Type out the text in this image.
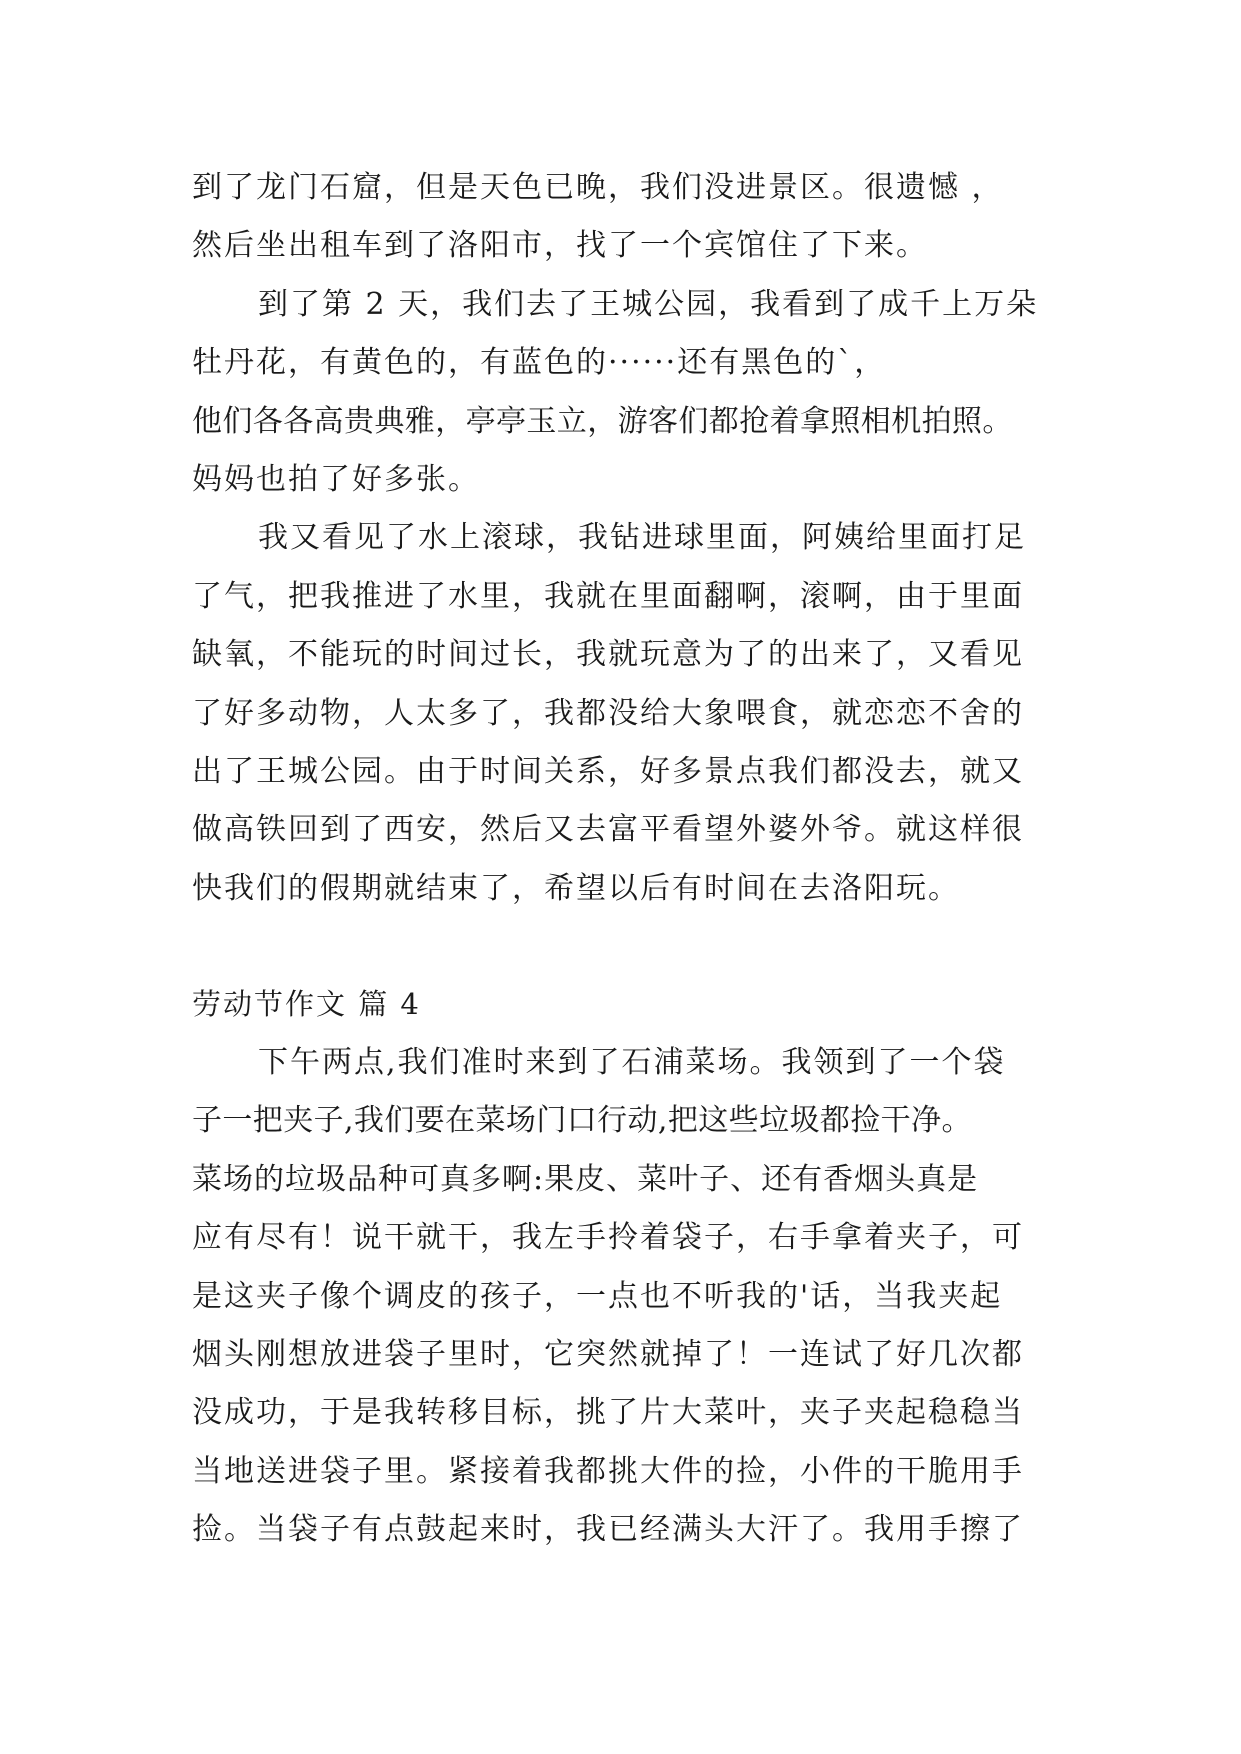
到了龙门石窟，但是天色已晚，我们没进景区。很遗憾 ，
然后坐出租车到了洛阳市，找了一个宾馆住了下来。
到了第 2 天，我们去了王城公园，我看到了成千上万朵
牡丹花，有黄色的，有蓝色的······还有黑色的`，
他们各各高贵典雅，亭亭玉立，游客们都抢着拿照相机拍照。
妈妈也拍了好多张。
我又看见了水上滚球，我钻进球里面，阿姨给里面打足
了气，把我推进了水里，我就在里面翻啊，滚啊，由于里面
缺氧，不能玩的时间过长，我就玩意为了的出来了，又看见
了好多动物，人太多了，我都没给大象喂食，就恋恋不舍的
出了王城公园。由于时间关系，好多景点我们都没去，就又
做高铁回到了西安，然后又去富平看望外婆外爷。就这样很
快我们的假期就结束了，希望以后有时间在去洛阳玩。
劳动节作文 篇 4
下午两点,我们准时来到了石浦菜场。我领到了一个袋
子一把夹子,我们要在菜场门口行动,把这些垃圾都捡干净。
菜场的垃圾品种可真多啊:果皮、菜叶子、还有香烟头真是
应有尽有！说干就干，我左手拎着袋子，右手拿着夹子，可
是这夹子像个调皮的孩子，一点也不听我的'话，当我夹起
烟头刚想放进袋子里时，它突然就掉了！一连试了好几次都
没成功，于是我转移目标，挑了片大菜叶，夹子夹起稳稳当
当地送进袋子里。紧接着我都挑大件的捡，小件的干脆用手
捡。当袋子有点鼓起来时，我已经满头大汗了。我用手擦了
